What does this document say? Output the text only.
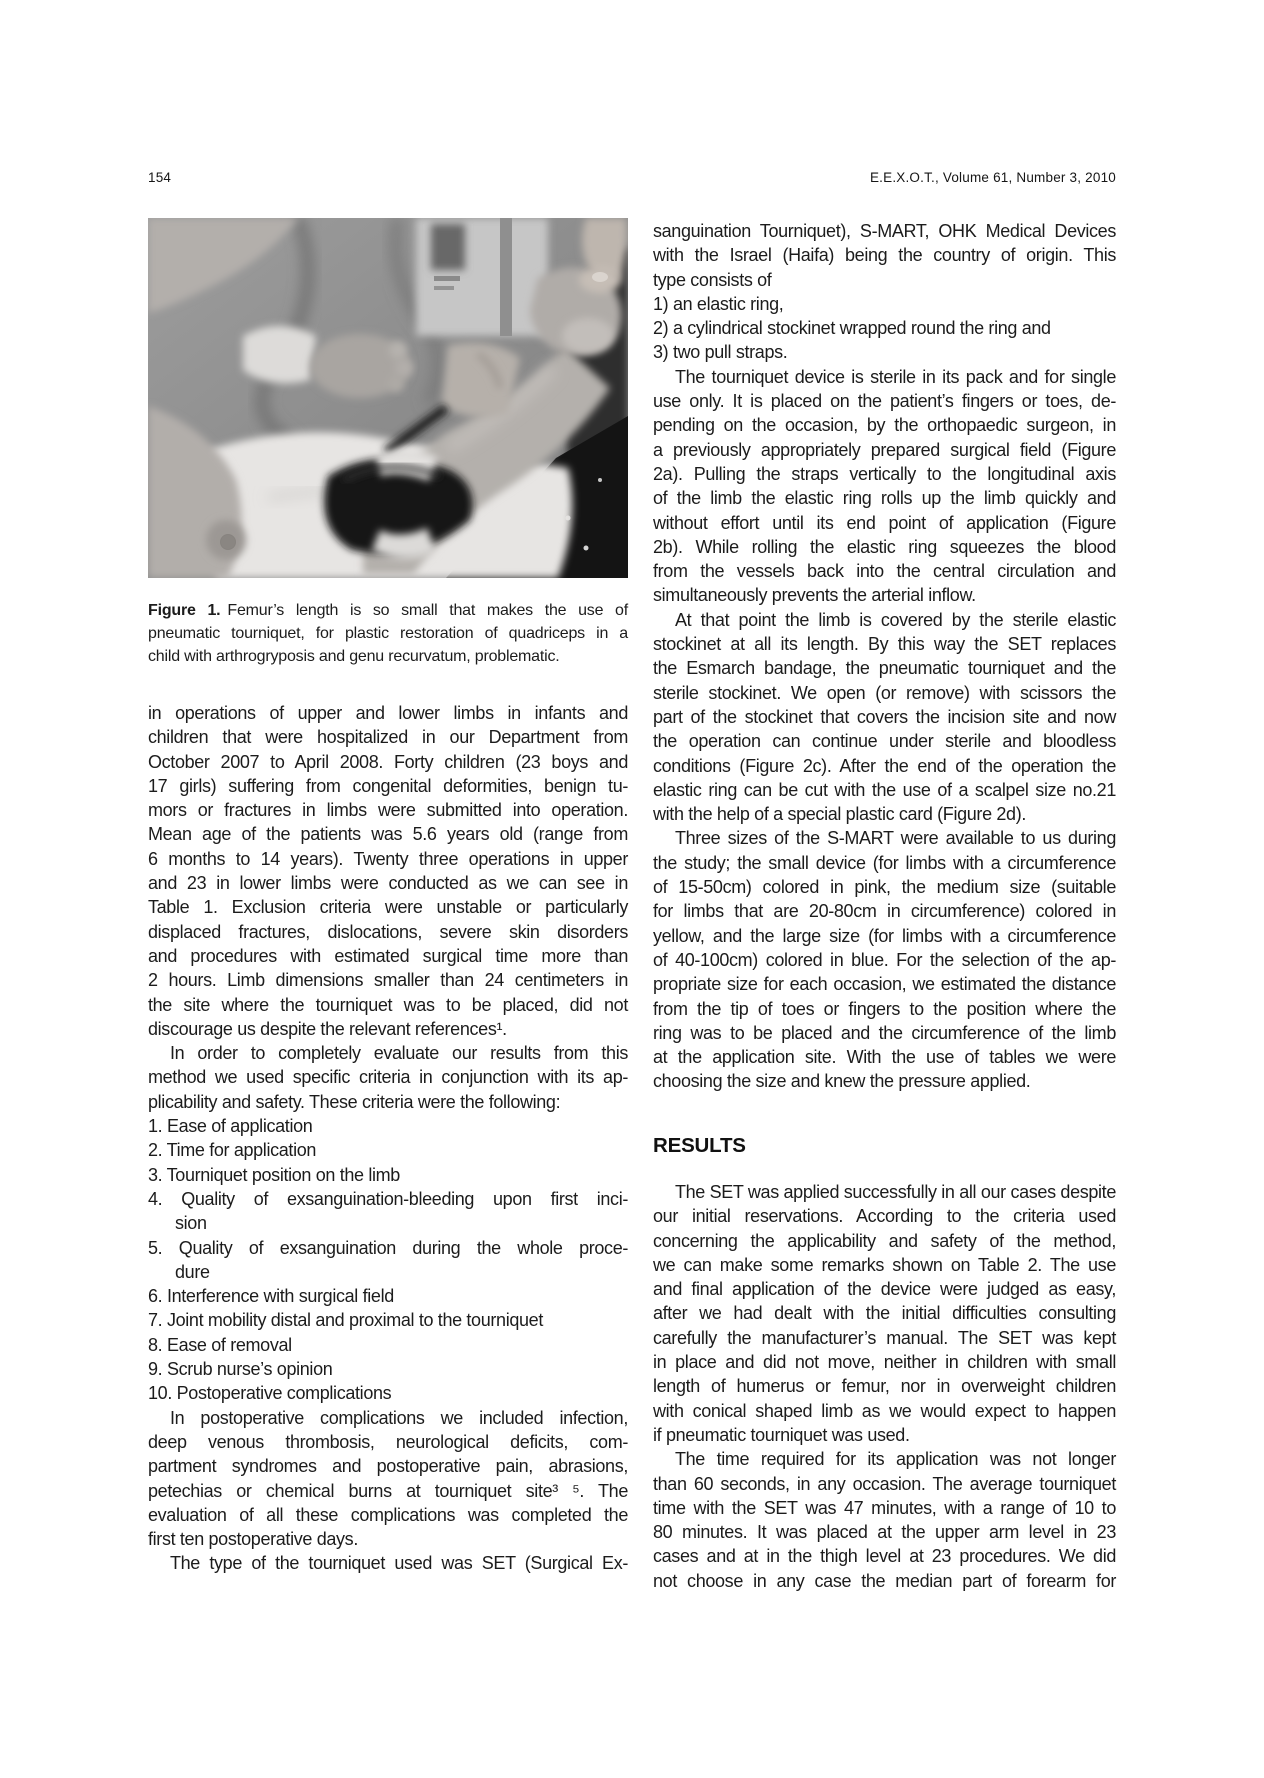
154	E.E.X.O.T., Volume 61, Number 3, 2010
Figure 1. Femur’s length is so small that makes the use of
pneumatic tourniquet, for plastic restoration of quadriceps in a
child with arthrogryposis and genu recurvatum, problematic.
in operations of upper and lower limbs in infants and
children that were hospitalized in our Department from
October 2007 to April 2008. Forty children (23 boys and
17 girls) suffering from congenital deformities, benign tu-
mors or fractures in limbs were submitted into operation.
Mean age of the patients was 5.6 years old (range from
6 months to 14 years). Twenty three operations in upper
and 23 in lower limbs were conducted as we can see in
Table 1. Exclusion criteria were unstable or particularly
displaced fractures, dislocations, severe skin disorders
and procedures with estimated surgical time more than
2 hours. Limb dimensions smaller than 24 centimeters in
the site where the tourniquet was to be placed, did not
discourage us despite the relevant references¹.
In order to completely evaluate our results from this
method we used specific criteria in conjunction with its ap-
plicability and safety. These criteria were the following:
1. Ease of application
2. Time for application
3. Tourniquet position on the limb
4. Quality of exsanguination-bleeding upon first inci-
sion
5. Quality of exsanguination during the whole proce-
dure
6. Interference with surgical field
7. Joint mobility distal and proximal to the tourniquet
8. Ease of removal
9. Scrub nurse’s opinion
10. Postoperative complications
In postoperative complications we included infection,
deep venous thrombosis, neurological deficits, com-
partment syndromes and postoperative pain, abrasions,
petechias or chemical burns at tourniquet site³ ⁵. The
evaluation of all these complications was completed the
first ten postoperative days.
The type of the tourniquet used was SET (Surgical Ex-
sanguination Tourniquet), S-MART, OHK Medical Devices
with the Israel (Haifa) being the country of origin. This
type consists of
1) an elastic ring,
2) a cylindrical stockinet wrapped round the ring and
3) two pull straps.
The tourniquet device is sterile in its pack and for single
use only. It is placed on the patient’s fingers or toes, de-
pending on the occasion, by the orthopaedic surgeon, in
a previously appropriately prepared surgical field (Figure
2a). Pulling the straps vertically to the longitudinal axis
of the limb the elastic ring rolls up the limb quickly and
without effort until its end point of application (Figure
2b). While rolling the elastic ring squeezes the blood
from the vessels back into the central circulation and
simultaneously prevents the arterial inflow.
At that point the limb is covered by the sterile elastic
stockinet at all its length. By this way the SET replaces
the Esmarch bandage, the pneumatic tourniquet and the
sterile stockinet. We open (or remove) with scissors the
part of the stockinet that covers the incision site and now
the operation can continue under sterile and bloodless
conditions (Figure 2c). After the end of the operation the
elastic ring can be cut with the use of a scalpel size no.21
with the help of a special plastic card (Figure 2d).
Three sizes of the S-MART were available to us during
the study; the small device (for limbs with a circumference
of 15-50cm) colored in pink, the medium size (suitable
for limbs that are 20-80cm in circumference) colored in
yellow, and the large size (for limbs with a circumference
of 40-100cm) colored in blue. For the selection of the ap-
propriate size for each occasion, we estimated the distance
from the tip of toes or fingers to the position where the
ring was to be placed and the circumference of the limb
at the application site. With the use of tables we were
choosing the size and knew the pressure applied.
RESULTS
The SET was applied successfully in all our cases despite
our initial reservations. According to the criteria used
concerning the applicability and safety of the method,
we can make some remarks shown on Table 2. The use
and final application of the device were judged as easy,
after we had dealt with the initial difficulties consulting
carefully the manufacturer’s manual. The SET was kept
in place and did not move, neither in children with small
length of humerus or femur, nor in overweight children
with conical shaped limb as we would expect to happen
if pneumatic tourniquet was used.
The time required for its application was not longer
than 60 seconds, in any occasion. The average tourniquet
time with the SET was 47 minutes, with a range of 10 to
80 minutes. It was placed at the upper arm level in 23
cases and at in the thigh level at 23 procedures. We did
not choose in any case the median part of forearm for
